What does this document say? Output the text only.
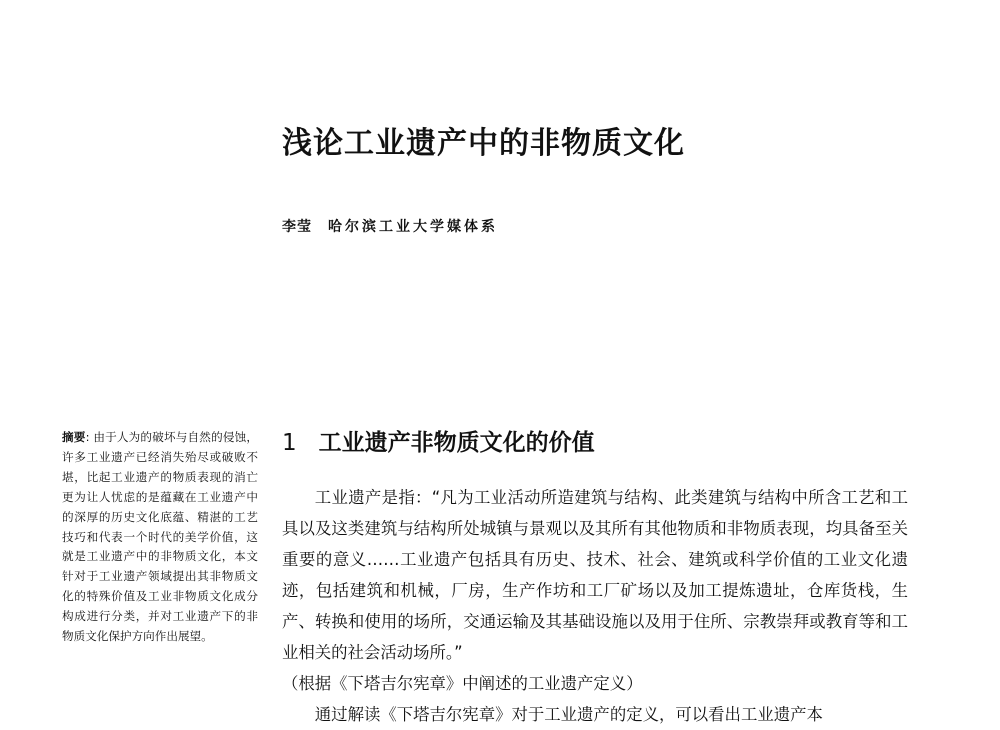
浅论工业遗产中的非物质文化
李莹 哈尔滨工业大学媒体系
摘要: 由于人为的破坏与自然的侵蚀，许多工业遗产已经消失殆尽或破败不堪，比起工业遗产的物质表现的消亡更为让人忧虑的是蕴藏在工业遗产中的深厚的历史文化底蕴、精湛的工艺技巧和代表一个时代的美学价值，这就是工业遗产中的非物质文化，本文针对于工业遗产领域提出其非物质文化的特殊价值及工业非物质文化成分构成进行分类，并对工业遗产下的非物质文化保护方向作出展望。
1 工业遗产非物质文化的价值

工业遗产是指：“凡为工业活动所造建筑与结构、此类建筑与结构中所含工艺和工具以及这类建筑与结构所处城镇与景观以及其所有其他物质和非物质表现，均具备至关重要的意义……工业遗产包括具有历史、技术、社会、建筑或科学价值的工业文化遗迹，包括建筑和机械，厂房，生产作坊和工厂矿场以及加工提炼遗址，仓库货栈，生产、转换和使用的场所，交通运输及其基础设施以及用于住所、宗教崇拜或教育等和工业相关的社会活动场所。”

（根据《下塔吉尔宪章》中阐述的工业遗产定义）

通过解读《下塔吉尔宪章》对于工业遗产的定义，可以看出工业遗产本
